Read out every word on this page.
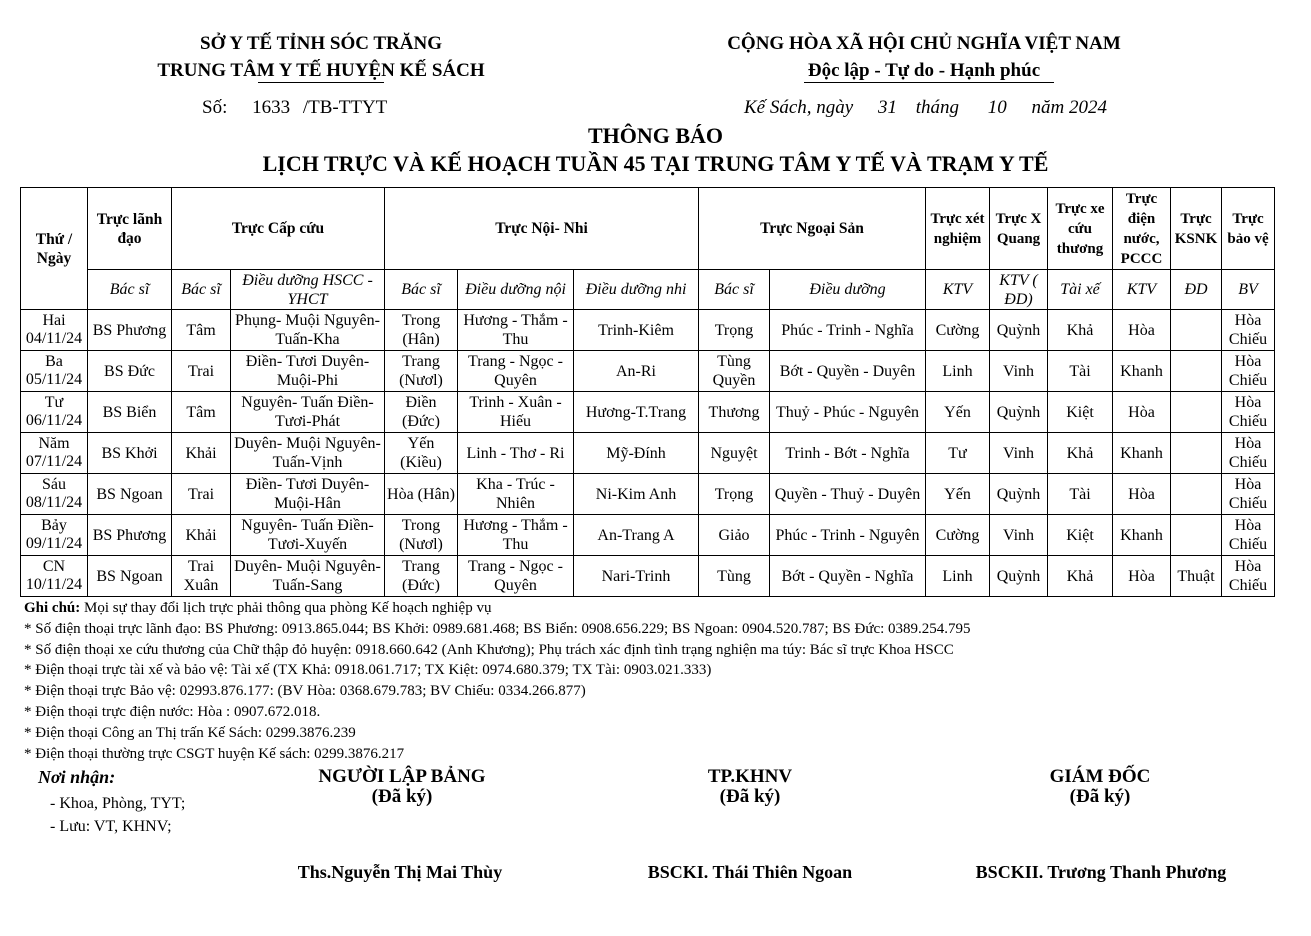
SỞ Y TẾ TỈNH SÓC TRĂNG
TRUNG TÂM Y TẾ HUYỆN KẾ SÁCH
CỘNG HÒA XÃ HỘI CHỦ NGHĨA VIỆT NAM
Độc lập - Tự do - Hạnh phúc
Số: 1633 /TB-TTYT	Kế Sách, ngày 31 tháng 10 năm 2024
THÔNG BÁO
LỊCH TRỰC VÀ KẾ HOẠCH TUẦN 45 TẠI TRUNG TÂM Y TẾ VÀ TRẠM Y TẾ
Thứ / Ngày	Trực lãnh đạo	Trực Cấp cứu		Trực Nội- Nhi			Trực Ngoại Sản		Trực xét nghiệm	Trực X Quang	Trực xe cứu thương	Trực điện nước, PCCC	Trực KSNK	Trực bảo vệ
	Bác sĩ	Bác sĩ	Điều dưỡng HSCC - YHCT	Bác sĩ	Điều dưỡng nội	Điều dưỡng nhi	Bác sĩ	Điều dưỡng	KTV	KTV ( ĐD)	Tài xế	KTV	ĐD	BV

Hai
04/11/24	BS Phương	Tâm	Phụng- Muội Nguyên- Tuấn-Kha	Trong (Hân)	Hương - Thắm - Thu	Trinh-Kiêm	Trọng	Phúc - Trinh - Nghĩa	Cường	Quỳnh	Khả	Hòa		Hòa Chiếu

Ba
05/11/24	BS Đức	Trai	Điền- Tươi Duyên- Muội-Phi	Trang (Nươl)	Trang - Ngọc - Quyên	An-Ri	Tùng Quyền	Bớt - Quyền - Duyên	Linh	Vinh	Tài	Khanh		Hòa Chiếu

Tư
06/11/24	BS Biển	Tâm	Nguyên- Tuấn Điền- Tươi-Phát	Điền (Đức)	Trinh - Xuân - Hiếu	Hương-T.Trang	Thương	Thuỷ - Phúc - Nguyên	Yến	Quỳnh	Kiệt	Hòa		Hòa Chiếu

Năm
07/11/24	BS Khởi	Khải	Duyên- Muội Nguyên- Tuấn-Vịnh	Yến (Kiều)	Linh - Thơ - Ri	Mỹ-Đính	Nguyệt	Trinh - Bớt - Nghĩa	Tư	Vinh	Khả	Khanh		Hòa Chiếu

Sáu
08/11/24	BS Ngoan	Trai	Điền- Tươi Duyên- Muội-Hân	Hòa (Hân)	Kha - Trúc - Nhiên	Ni-Kim Anh	Trọng	Quyền - Thuỷ - Duyên	Yến	Quỳnh	Tài	Hòa		Hòa Chiếu

Bảy
09/11/24	BS Phương	Khải	Nguyên- Tuấn Điền- Tươi-Xuyến	Trong (Nươl)	Hương - Thắm - Thu	An-Trang A	Giảo	Phúc - Trinh - Nguyên	Cường	Vinh	Kiệt	Khanh		Hòa Chiếu

CN
10/11/24	BS Ngoan	Trai Xuân	Duyên- Muội Nguyên- Tuấn-Sang	Trang (Đức)	Trang - Ngọc - Quyên	Nari-Trinh	Tùng	Bớt - Quyền - Nghĩa	Linh	Quỳnh	Khả	Hòa	Thuật	Hòa Chiếu
Ghi chú: Mọi sự thay đổi lịch trực phải thông qua phòng Kế hoạch nghiệp vụ
* Số điện thoại trực lãnh đạo: BS Phương: 0913.865.044; BS Khởi: 0989.681.468; BS Biển: 0908.656.229; BS Ngoan: 0904.520.787; BS Đức: 0389.254.795
* Số điện thoại xe cứu thương của Chữ thập đỏ huyện: 0918.660.642 (Anh Khương); Phụ trách xác định tình trạng nghiện ma túy: Bác sĩ trực Khoa HSCC
* Điện thoại trực tài xế và bảo vệ: Tài xế (TX Khả: 0918.061.717; TX Kiệt: 0974.680.379; TX Tài: 0903.021.333)
* Điện thoại trực Bảo vệ: 02993.876.177: (BV Hòa: 0368.679.783; BV Chiếu: 0334.266.877)
* Điện thoại trực điện nước: Hòa : 0907.672.018.
* Điện thoại Công an Thị trấn Kế Sách: 0299.3876.239
* Điện thoại thường trực CSGT huyện Kế sách: 0299.3876.217
Nơi nhận:
- Khoa, Phòng, TYT;
- Lưu: VT, KHNV;
NGƯỜI LẬP BẢNG
(Đã ký)
Ths.Nguyễn Thị Mai Thùy
TP.KHNV
(Đã ký)
BSCKI. Thái Thiên Ngoan
GIÁM ĐỐC
(Đã ký)
BSCKII. Trương Thanh Phương
